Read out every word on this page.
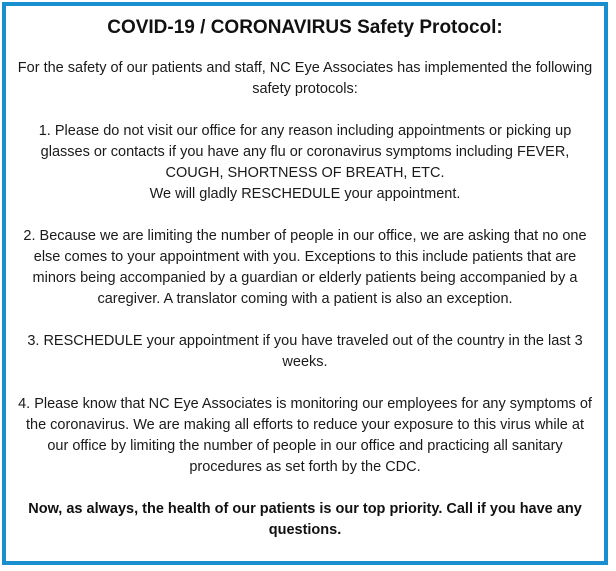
COVID-19 / CORONAVIRUS Safety Protocol:
For the safety of our patients and staff, NC Eye Associates has implemented the following safety protocols:
1. Please do not visit our office for any reason including appointments or picking up glasses or contacts if you have any flu or coronavirus symptoms including FEVER, COUGH, SHORTNESS OF BREATH, ETC.
We will gladly RESCHEDULE your appointment.
2. Because we are limiting the number of people in our office, we are asking that no one else comes to your appointment with you. Exceptions to this include patients that are minors being accompanied by a guardian or elderly patients being accompanied by a caregiver. A translator coming with a patient is also an exception.
3. RESCHEDULE your appointment if you have traveled out of the country in the last 3 weeks.
4. Please know that NC Eye Associates is monitoring our employees for any symptoms of the coronavirus. We are making all efforts to reduce your exposure to this virus while at our office by limiting the number of people in our office and practicing all sanitary procedures as set forth by the CDC.
Now, as always, the health of our patients is our top priority. Call if you have any questions.
